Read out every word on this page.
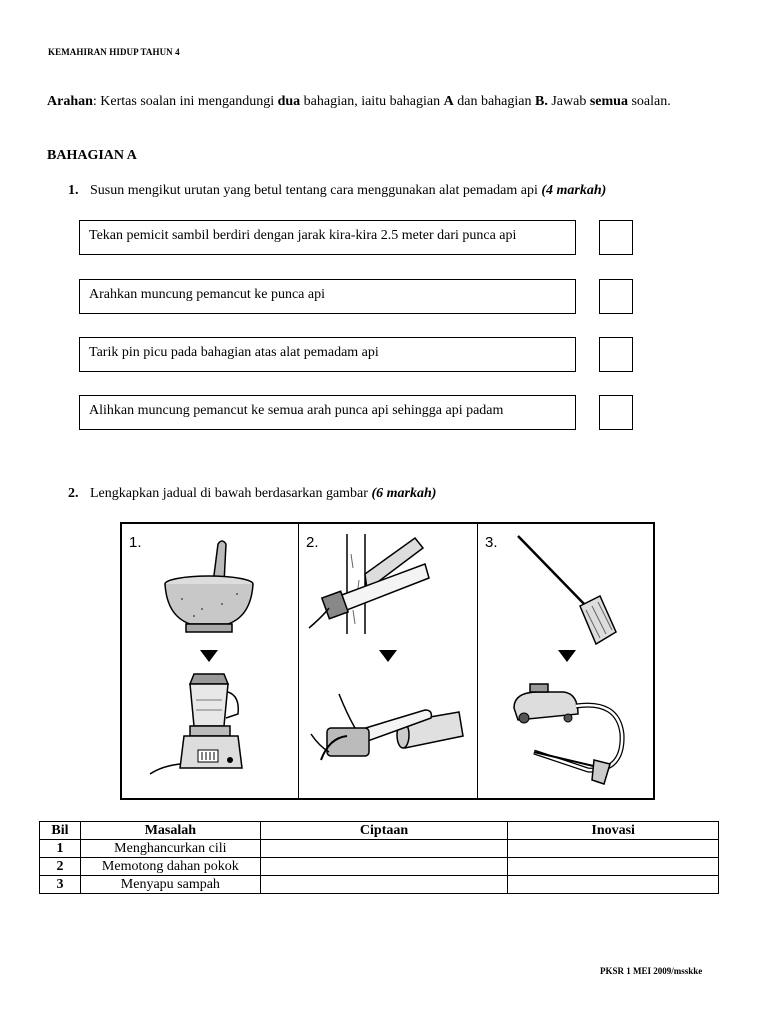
KEMAHIRAN HIDUP TAHUN 4
Arahan: Kertas soalan ini mengandungi dua bahagian, iaitu bahagian A dan bahagian B. Jawab semua soalan.
BAHAGIAN A
1. Susun mengikut urutan yang betul tentang cara menggunakan alat pemadam api (4 markah)
Tekan pemicit sambil berdiri dengan jarak kira-kira 2.5 meter dari punca api
Arahkan muncung pemancut ke punca api
Tarik pin picu pada bahagian atas alat pemadam api
Alihkan muncung pemancut ke semua arah punca api sehingga api padam
2. Lengkapkan jadual di bawah berdasarkan gambar (6 markah)
1.	2.	3.
Bil	Masalah	Ciptaan	Inovasi
1	Menghancurkan cili		
2	Memotong dahan pokok		
3	Menyapu sampah		
PKSR 1 MEI 2009/msskke
